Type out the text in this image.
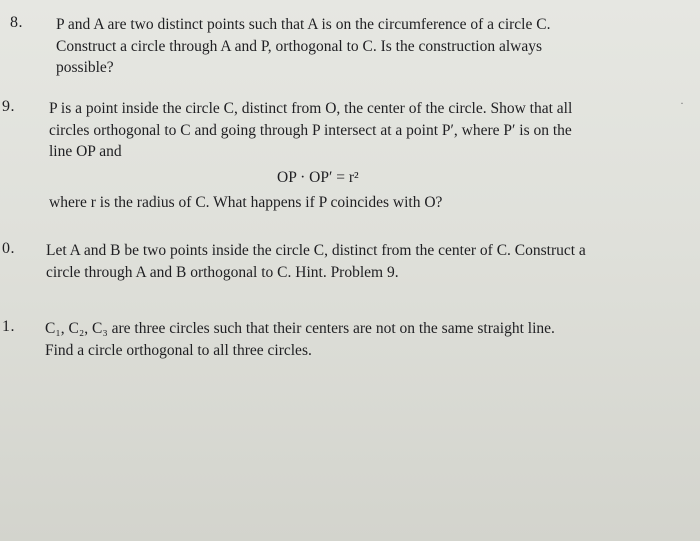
8. P and A are two distinct points such that A is on the circumference of a circle C.
Construct a circle through A and P, orthogonal to C. Is the construction always
possible?
9. P is a point inside the circle C, distinct from O, the center of the circle. Show that all
circles orthogonal to C and going through P intersect at a point P′, where P′ is on the
line OP and
OP · OP′ = r²
where r is the radius of C. What happens if P coincides with O?
·
0. Let A and B be two points inside the circle C, distinct from the center of C. Construct a
circle through A and B orthogonal to C. Hint. Problem 9.
1. C₁, C₂, C₃ are three circles such that their centers are not on the same straight line.
Find a circle orthogonal to all three circles.
